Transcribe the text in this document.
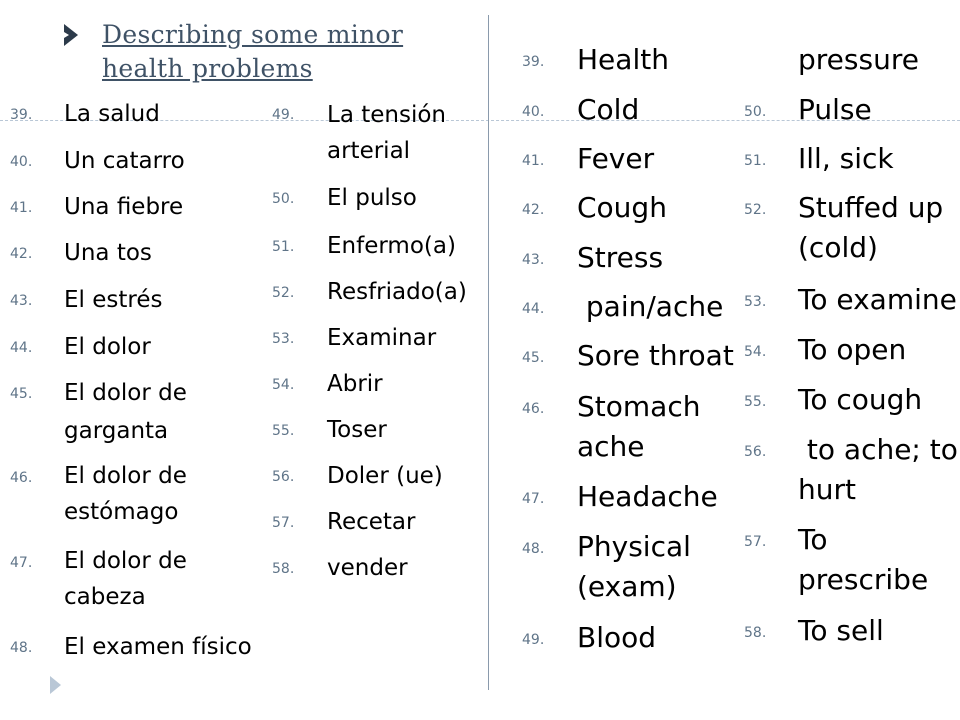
Describing some minor health problems
39. La salud
40. Un catarro
41. Una fiebre
42. Una tos
43. El estrés
44. El dolor
45. El dolor de
garganta
46. El dolor de
estómago
47. El dolor de
cabeza
48. El examen físico
49. La tensión
arterial
50. El pulso
51. Enfermo(a)
52. Resfriado(a)
53. Examinar
54. Abrir
55. Toser
56. Doler (ue)
57. Recetar
58. vender
39. Health
40. Cold
41. Fever
42. Cough
43. Stress
44. pain/ache
45. Sore throat
46. Stomach
ache
47. Headache
48. Physical
(exam)
49. Blood
pressure
50. Pulse
51. Ill, sick
52. Stuffed up
(cold)
53. To examine
54. To open
55. To cough
56.	to ache; to
hurt
57. To
prescribe
58. To sell
